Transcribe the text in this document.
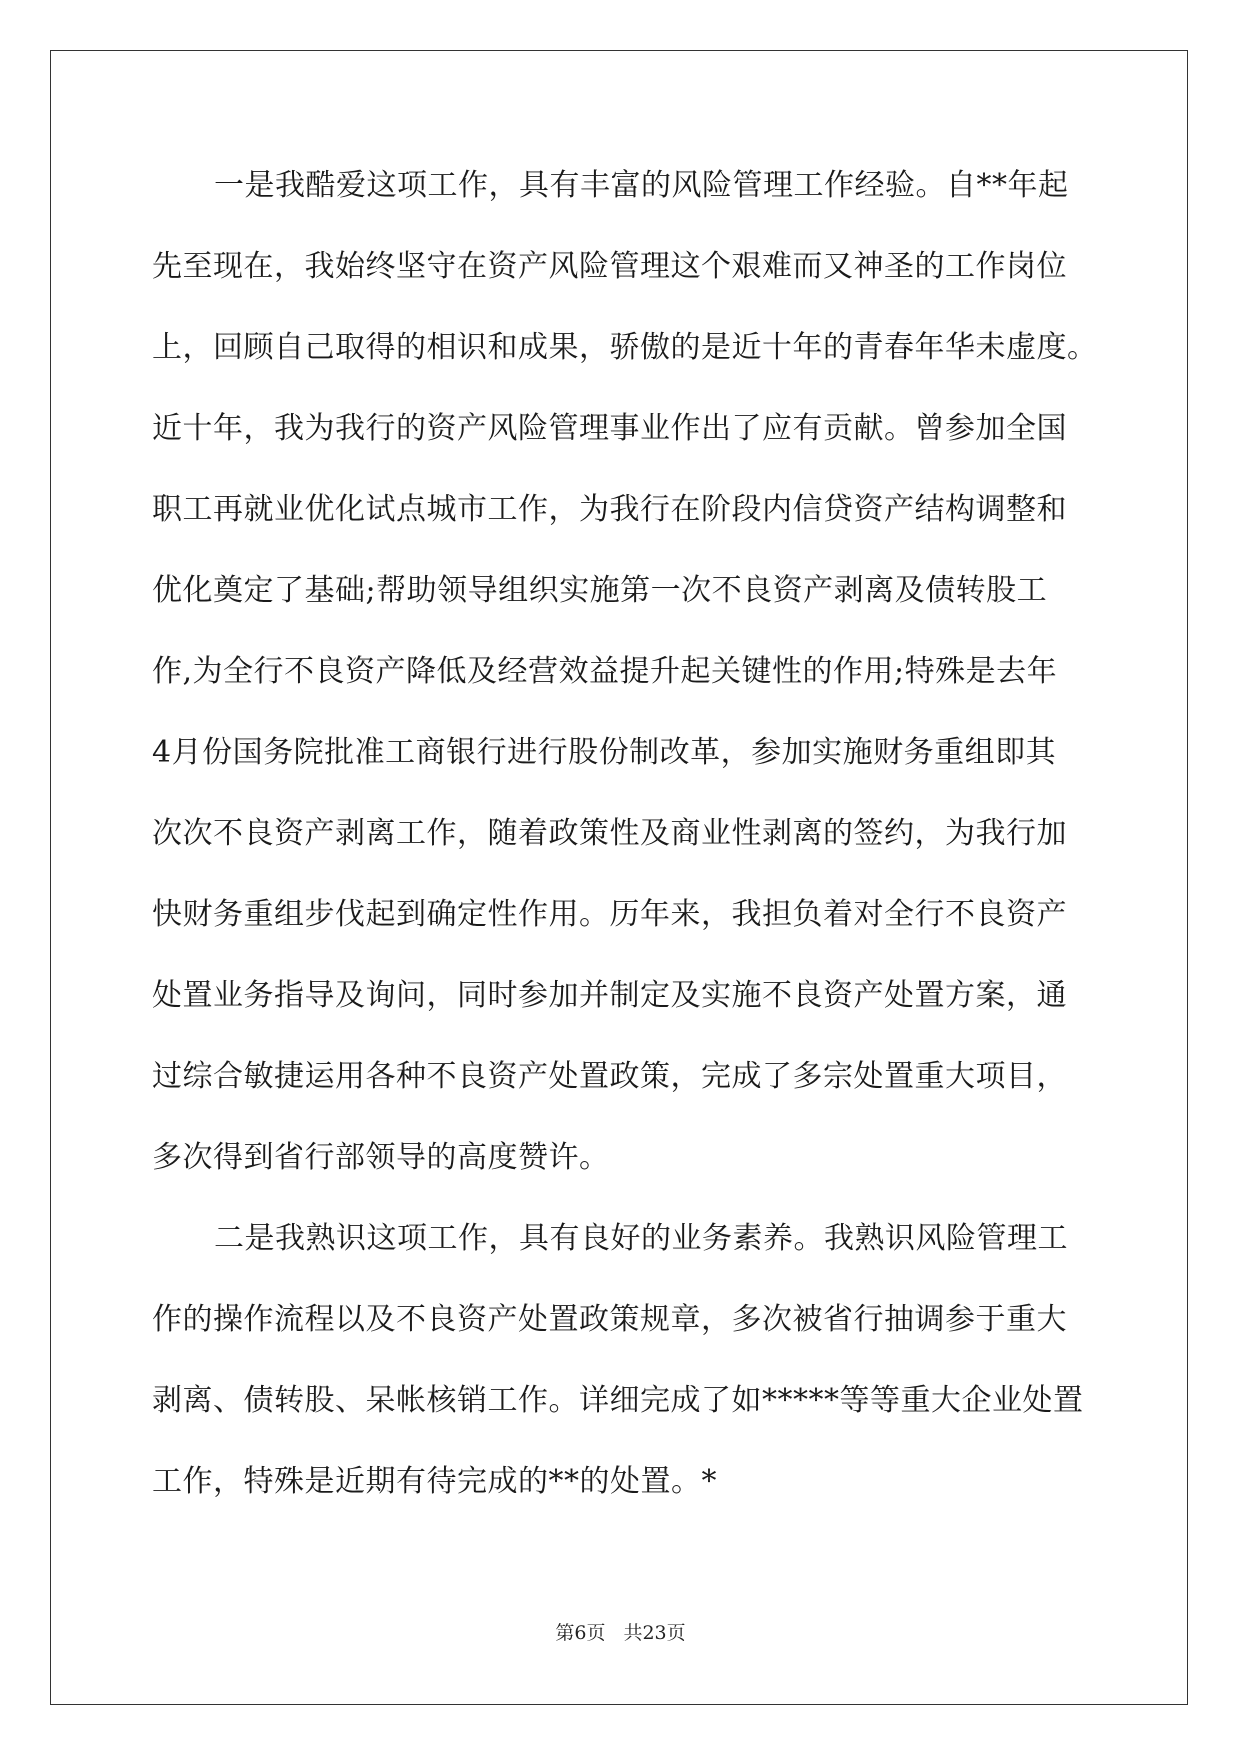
一是我酷爱这项工作，具有丰富的风险管理工作经验。自**年起
先至现在，我始终坚守在资产风险管理这个艰难而又神圣的工作岗位
上，回顾自己取得的相识和成果，骄傲的是近十年的青春年华未虚度。
近十年，我为我行的资产风险管理事业作出了应有贡献。曾参加全国
职工再就业优化试点城市工作，为我行在阶段内信贷资产结构调整和
优化奠定了基础;帮助领导组织实施第一次不良资产剥离及债转股工
作,为全行不良资产降低及经营效益提升起关键性的作用;特殊是去年
4月份国务院批准工商银行进行股份制改革，参加实施财务重组即其
次次不良资产剥离工作，随着政策性及商业性剥离的签约，为我行加
快财务重组步伐起到确定性作用。历年来，我担负着对全行不良资产
处置业务指导及询问，同时参加并制定及实施不良资产处置方案，通
过综合敏捷运用各种不良资产处置政策，完成了多宗处置重大项目，
多次得到省行部领导的高度赞许。
二是我熟识这项工作，具有良好的业务素养。我熟识风险管理工
作的操作流程以及不良资产处置政策规章，多次被省行抽调参于重大
剥离、债转股、呆帐核销工作。详细完成了如*****等等重大企业处置
工作，特殊是近期有待完成的**的处置。*
第6页 共23页
